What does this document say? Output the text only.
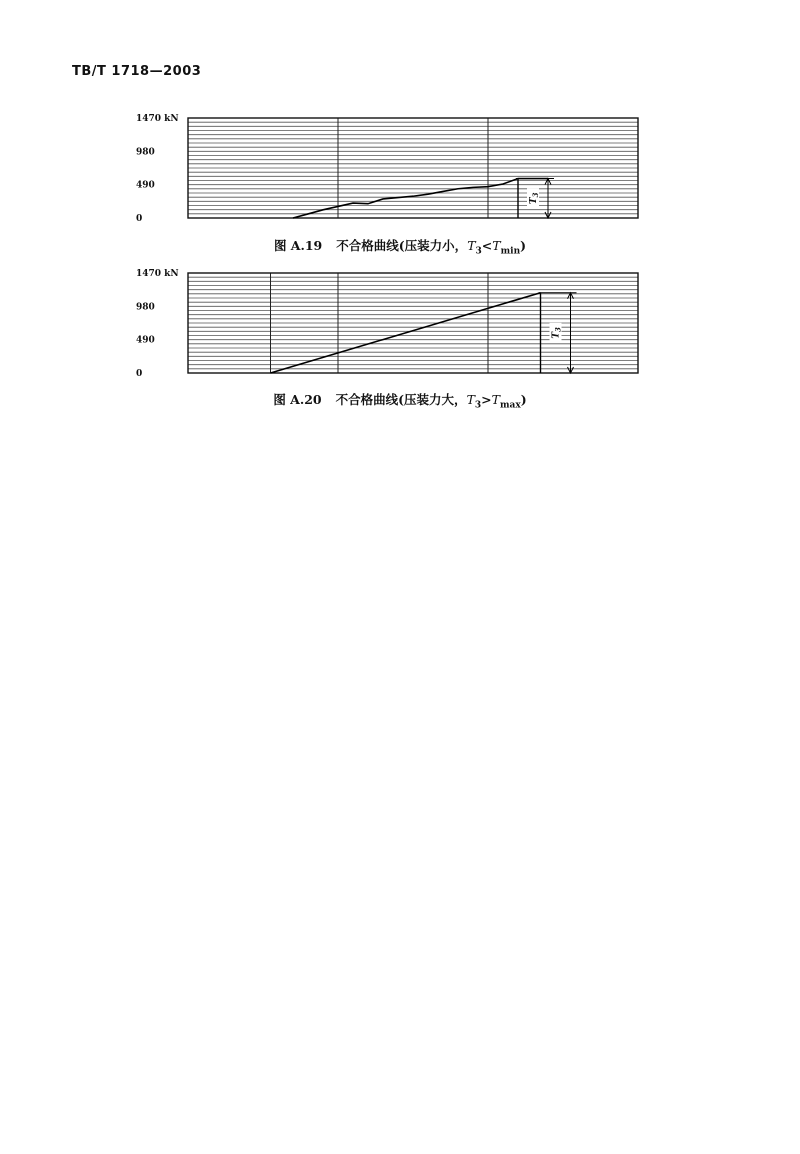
TB/T 1718—2003
0
490
980
1470 kN
$T_3$
图 A.19 不合格曲线(压装力小，$T_3<T_{min}$)
0
490
980
1470 kN
$T_3$
图 A.20 不合格曲线(压装力大，$T_3>T_{max}$)
